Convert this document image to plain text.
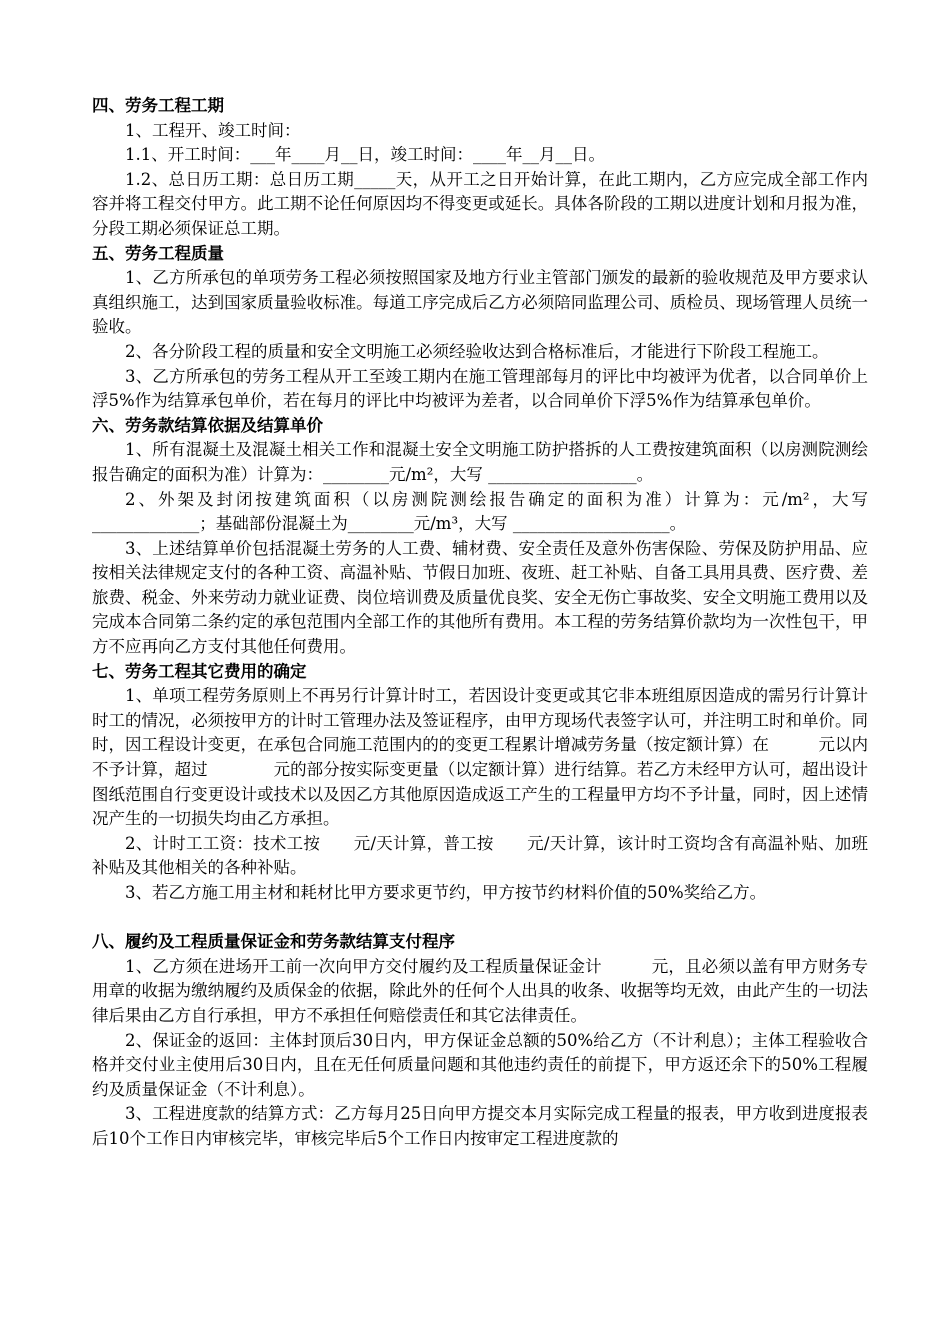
四、劳务工程工期

1、工程开、竣工时间：

1.1、开工时间：___年____月__日，竣工时间：____年__月__日。

1.2、总日历工期：总日历工期_____天，从开工之日开始计算，在此工期内，乙方应完成全部工作内容并将工程交付甲方。此工期不论任何原因均不得变更或延长。具体各阶段的工期以进度计划和月报为准，分段工期必须保证总工期。

五、劳务工程质量

1、乙方所承包的单项劳务工程必须按照国家及地方行业主管部门颁发的最新的验收规范及甲方要求认真组织施工，达到国家质量验收标准。每道工序完成后乙方必须陪同监理公司、质检员、现场管理人员统一验收。

2、各分阶段工程的质量和安全文明施工必须经验收达到合格标准后，才能进行下阶段工程施工。

3、乙方所承包的劳务工程从开工至竣工期内在施工管理部每月的评比中均被评为优者，以合同单价上浮5%作为结算承包单价，若在每月的评比中均被评为差者，以合同单价下浮5%作为结算承包单价。

六、劳务款结算依据及结算单价

1、所有混凝土及混凝土相关工作和混凝土安全文明施工防护搭拆的人工费按建筑面积（以房测院测绘报告确定的面积为准）计算为：________元/m²，大写 __________________。

2、外架及封闭按建筑面积（以房测院测绘报告确定的面积为准）计算为：元/m²，大写 _____________；基础部份混凝土为________元/m³，大写 ___________________。

3、上述结算单价包括混凝土劳务的人工费、辅材费、安全责任及意外伤害保险、劳保及防护用品、应按相关法律规定支付的各种工资、高温补贴、节假日加班、夜班、赶工补贴、自备工具用具费、医疗费、差旅费、税金、外来劳动力就业证费、岗位培训费及质量优良奖、安全无伤亡事故奖、安全文明施工费用以及完成本合同第二条约定的承包范围内全部工作的其他所有费用。本工程的劳务结算价款均为一次性包干，甲方不应再向乙方支付其他任何费用。

七、劳务工程其它费用的确定

1、单项工程劳务原则上不再另行计算计时工，若因设计变更或其它非本班组原因造成的需另行计算计时工的情况，必须按甲方的计时工管理办法及签证程序，由甲方现场代表签字认可，并注明工时和单价。同时，因工程设计变更，在承包合同施工范围内的的变更工程累计增减劳务量（按定额计算）在　　　元以内不予计算，超过　　　　元的部分按实际变更量（以定额计算）进行结算。若乙方未经甲方认可，超出设计图纸范围自行变更设计或技术以及因乙方其他原因造成返工产生的工程量甲方均不予计量，同时，因上述情况产生的一切损失均由乙方承担。

2、计时工工资：技术工按　　元/天计算，普工按　　元/天计算，该计时工资均含有高温补贴、加班补贴及其他相关的各种补贴。

3、若乙方施工用主材和耗材比甲方要求更节约，甲方按节约材料价值的50%奖给乙方。

八、履约及工程质量保证金和劳务款结算支付程序

1、乙方须在进场开工前一次向甲方交付履约及工程质量保证金计　　　元，且必须以盖有甲方财务专用章的收据为缴纳履约及质保金的依据，除此外的任何个人出具的收条、收据等均无效，由此产生的一切法律后果由乙方自行承担，甲方不承担任何赔偿责任和其它法律责任。

2、保证金的返回：主体封顶后30日内，甲方保证金总额的50%给乙方（不计利息）；主体工程验收合格并交付业主使用后30日内，且在无任何质量问题和其他违约责任的前提下，甲方返还余下的50%工程履约及质量保证金（不计利息）。

3、工程进度款的结算方式：乙方每月25日向甲方提交本月实际完成工程量的报表，甲方收到进度报表后10个工作日内审核完毕，审核完毕后5个工作日内按审定工程进度款的
